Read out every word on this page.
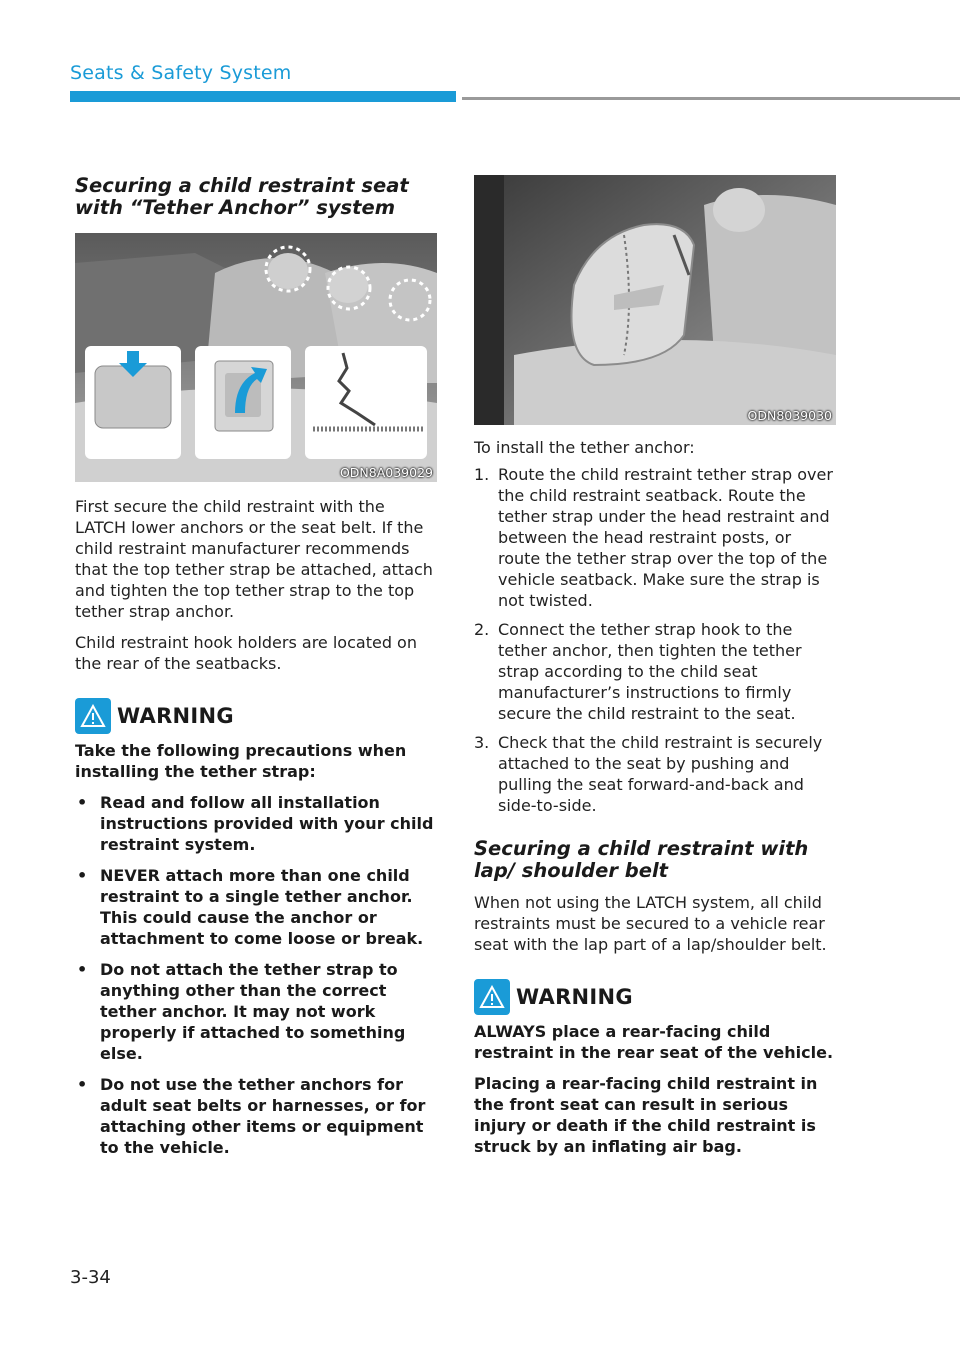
Seats & Safety System
Securing a child restraint seat with “Tether Anchor” system
ODN8A039029

First secure the child restraint with the LATCH lower anchors or the seat belt. If the child restraint manufacturer recommends that the top tether strap be attached, attach and tighten the top tether strap to the top tether strap anchor.

Child restraint hook holders are located on the rear of the seatbacks.

WARNING

Take the following precautions when installing the tether strap:

• Read and follow all installation instructions provided with your child restraint system.
• NEVER attach more than one child restraint to a single tether anchor. This could cause the anchor or attachment to come loose or break.
• Do not attach the tether strap to anything other than the correct tether anchor. It may not work properly if attached to something else.
• Do not use the tether anchors for adult seat belts or harnesses, or for attaching other items or equipment to the vehicle.
ODN8039030

To install the tether anchor:

1. Route the child restraint tether strap over the child restraint seatback. Route the tether strap under the head restraint and between the head restraint posts, or route the tether strap over the top of the vehicle seatback. Make sure the strap is not twisted.
2. Connect the tether strap hook to the tether anchor, then tighten the tether strap according to the child seat manufacturer’s instructions to firmly secure the child restraint to the seat.
3. Check that the child restraint is securely attached to the seat by pushing and pulling the seat forward-and-back and side-to-side.
Securing a child restraint with lap/ shoulder belt

When not using the LATCH system, all child restraints must be secured to a vehicle rear seat with the lap part of a lap/shoulder belt.

WARNING

ALWAYS place a rear-facing child restraint in the rear seat of the vehicle.

Placing a rear-facing child restraint in the front seat can result in serious injury or death if the child restraint is struck by an inflating air bag.

3-34
